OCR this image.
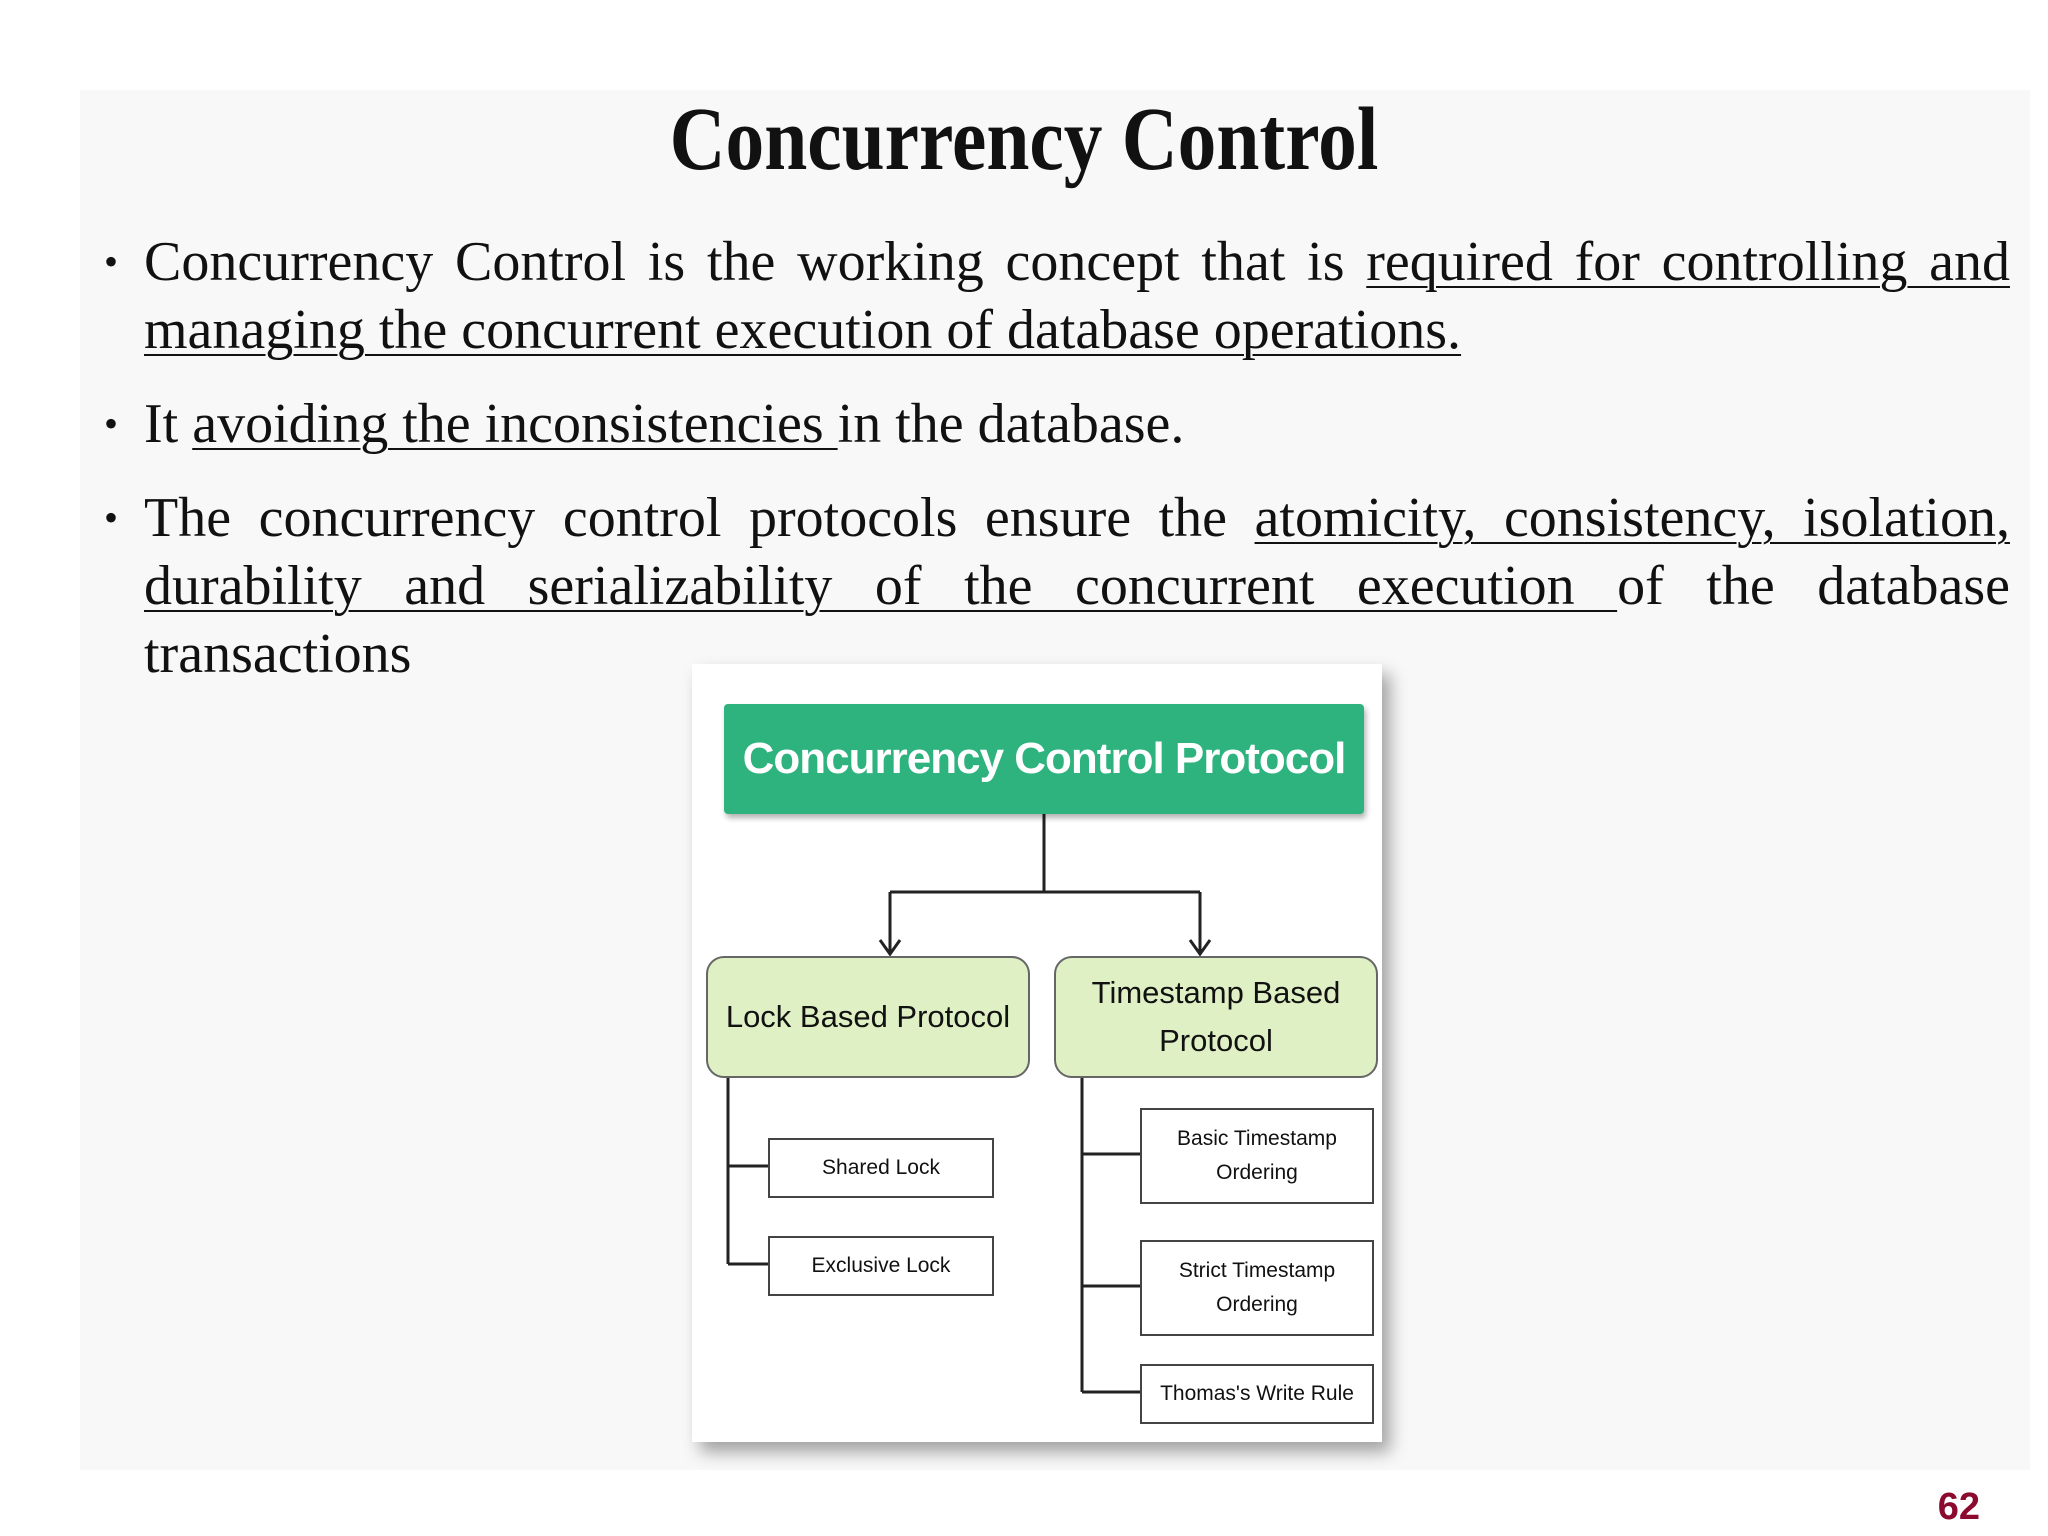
Concurrency Control
• Concurrency Control is the working concept that is required for controlling and managing the concurrent execution of database operations.
• It avoiding the inconsistencies in the database.
• The concurrency control protocols ensure the atomicity, consistency, isolation, durability and serializability of the concurrent execution of the database transactions
Concurrency Control Protocol
Lock Based Protocol
Timestamp Based
Protocol
Shared Lock
Exclusive Lock
Basic Timestamp
Ordering
Strict Timestamp
Ordering
Thomas's Write Rule
62
